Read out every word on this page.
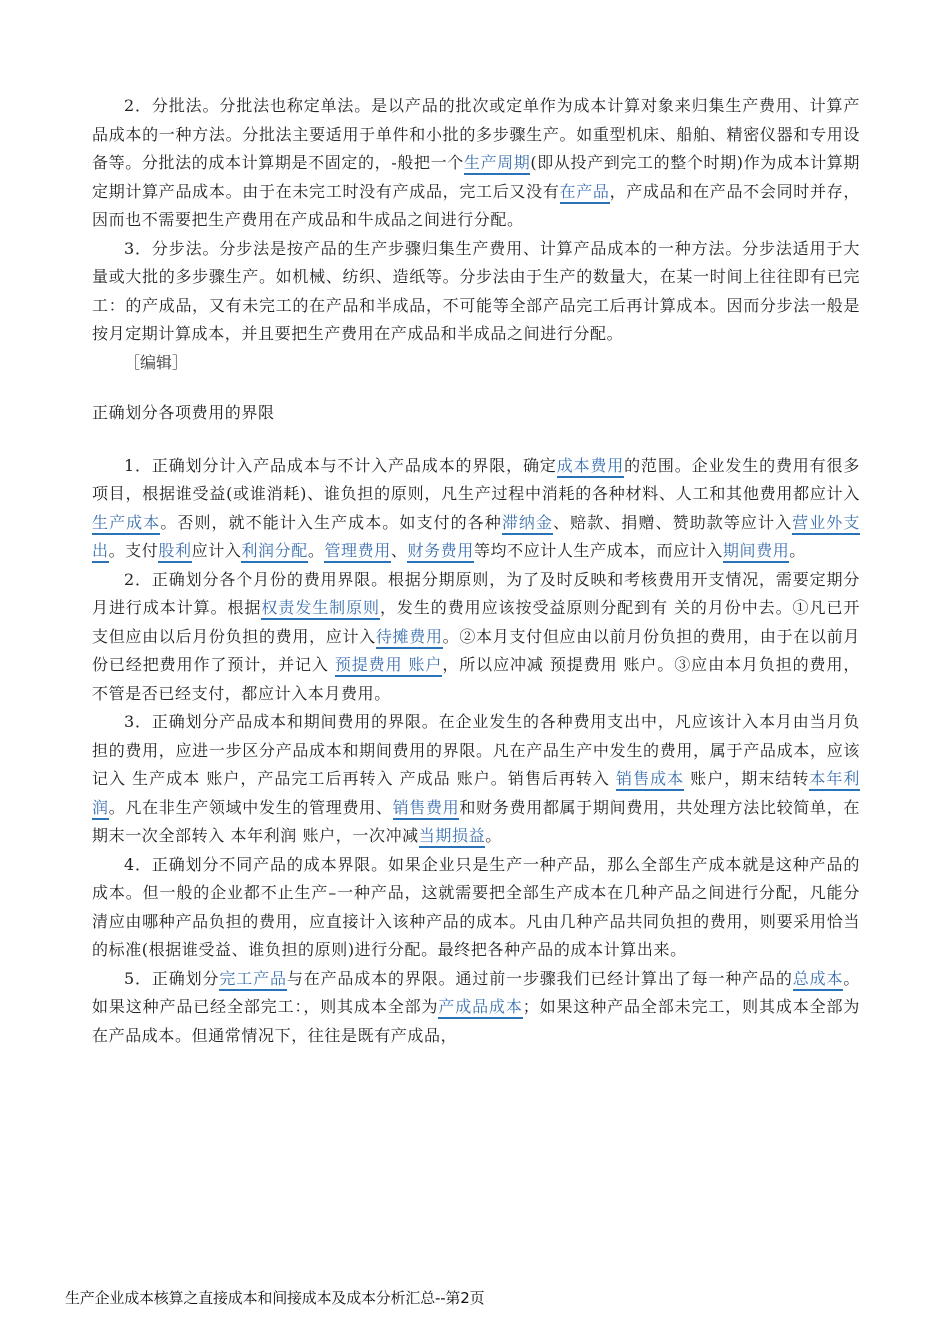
2．分批法。分批法也称定单法。是以产品的批次或定单作为成本计算对象来归集生产费用、计算产品成本的一种方法。分批法主要适用于单件和小批的多步骤生产。如重型机床、船舶、精密仪器和专用设备等。分批法的成本计算期是不固定的，-般把一个生产周期(即从投产到完工的整个时期)作为成本计算期定期计算产品成本。由于在未完工时没有产成品，完工后又没有在产品，产成品和在产品不会同时并存，因而也不需要把生产费用在产成品和牛成品之间进行分配。

3．分步法。分步法是按产品的生产步骤归集生产费用、计算产品成本的一种方法。分步法适用于大量或大批的多步骤生产。如机械、纺织、造纸等。分步法由于生产的数量大，在某一时间上往往即有已完工：的产成品，又有未完工的在产品和半成品，不可能等全部产品完工后再计算成本。因而分步法一般是按月定期计算成本，并且要把生产费用在产成品和半成品之间进行分配。

［编辑］

正确划分各项费用的界限

1．正确划分计入产品成本与不计入产品成本的界限，确定成本费用的范围。企业发生的费用有很多项目，根据谁受益(或谁消耗)、谁负担的原则，凡生产过程中消耗的各种材料、人工和其他费用都应计入生产成本。否则，就不能计入生产成本。如支付的各种滞纳金、赔款、捐赠、赞助款等应计入营业外支出。支付股利应计入利润分配。管理费用、财务费用等均不应计人生产成本，而应计入期间费用。

2．正确划分各个月份的费用界限。根据分期原则，为了及时反映和考核费用开支情况，需要定期分月进行成本计算。根据权责发生制原则，发生的费用应该按受益原则分配到有 关的月份中去。①凡已开支但应由以后月份负担的费用，应计入待摊费用。②本月支付但应由以前月份负担的费用，由于在以前月份已经把费用作了预计，并记入 预提费用 账户，所以应冲减 预提费用 账户。③应由本月负担的费用，不管是否已经支付，都应计入本月费用。

3．正确划分产品成本和期间费用的界限。在企业发生的各种费用支出中，凡应该计入本月由当月负担的费用，应进一步区分产品成本和期间费用的界限。凡在产品生产中发生的费用，属于产品成本，应该记入 生产成本 账户，产品完工后再转入 产成品 账户。销售后再转入 销售成本 账户，期末结转本年利润。凡在非生产领域中发生的管理费用、销售费用和财务费用都属于期间费用，共处理方法比较简单，在期末一次全部转入 本年利润 账户，一次冲减当期损益。

4．正确划分不同产品的成本界限。如果企业只是生产一种产品，那么全部生产成本就是这种产品的成本。但一般的企业都不止生产–一种产品，这就需要把全部生产成本在几种产品之间进行分配，凡能分清应由哪种产品负担的费用，应直接计入该种产品的成本。凡由几种产品共同负担的费用，则要采用恰当的标准(根据谁受益、谁负担的原则)进行分配。最终把各种产品的成本计算出来。

5．正确划分完工产品与在产品成本的界限。通过前一步骤我们已经计算出了每一种产品的总成本。如果这种产品已经全部完工：，则其成本全部为产成品成本；如果这种产品全部未完工，则其成本全部为在产品成本。但通常情况下，往往是既有产成品，

生产企业成本核算之直接成本和间接成本及成本分析汇总--第2页
